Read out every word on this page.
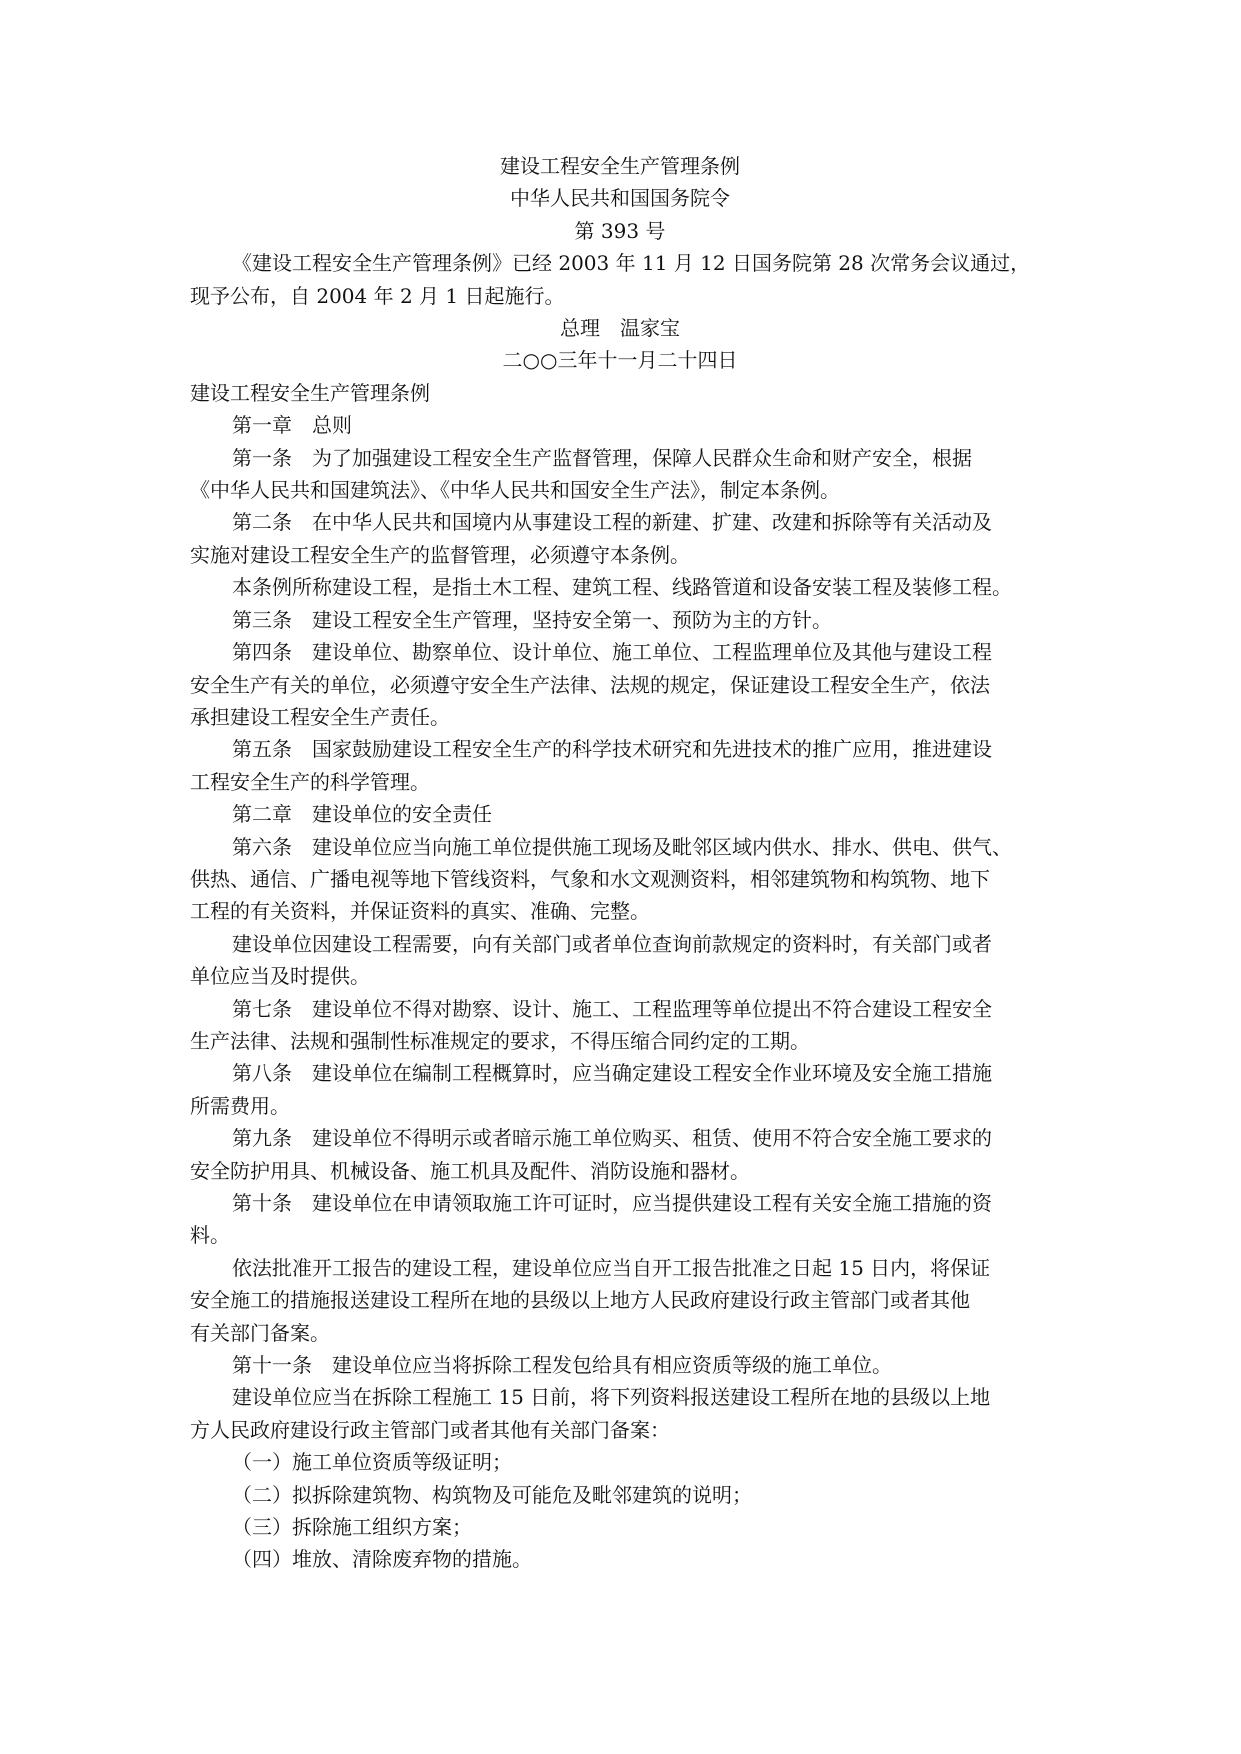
建设工程安全生产管理条例
中华人民共和国国务院令
第 393 号
《建设工程安全生产管理条例》已经 2003 年 11 月 12 日国务院第 28 次常务会议通过，
现予公布，自 2004 年 2 月 1 日起施行。
总理　温家宝
二○○三年十一月二十四日
建设工程安全生产管理条例
第一章　总则
第一条　为了加强建设工程安全生产监督管理，保障人民群众生命和财产安全，根据
《中华人民共和国建筑法》、《中华人民共和国安全生产法》，制定本条例。
第二条　在中华人民共和国境内从事建设工程的新建、扩建、改建和拆除等有关活动及
实施对建设工程安全生产的监督管理，必须遵守本条例。
本条例所称建设工程，是指土木工程、建筑工程、线路管道和设备安装工程及装修工程。
第三条　建设工程安全生产管理，坚持安全第一、预防为主的方针。
第四条　建设单位、勘察单位、设计单位、施工单位、工程监理单位及其他与建设工程
安全生产有关的单位，必须遵守安全生产法律、法规的规定，保证建设工程安全生产，依法
承担建设工程安全生产责任。
第五条　国家鼓励建设工程安全生产的科学技术研究和先进技术的推广应用，推进建设
工程安全生产的科学管理。
第二章　建设单位的安全责任
第六条　建设单位应当向施工单位提供施工现场及毗邻区域内供水、排水、供电、供气、
供热、通信、广播电视等地下管线资料，气象和水文观测资料，相邻建筑物和构筑物、地下
工程的有关资料，并保证资料的真实、准确、完整。
建设单位因建设工程需要，向有关部门或者单位查询前款规定的资料时，有关部门或者
单位应当及时提供。
第七条　建设单位不得对勘察、设计、施工、工程监理等单位提出不符合建设工程安全
生产法律、法规和强制性标准规定的要求，不得压缩合同约定的工期。
第八条　建设单位在编制工程概算时，应当确定建设工程安全作业环境及安全施工措施
所需费用。
第九条　建设单位不得明示或者暗示施工单位购买、租赁、使用不符合安全施工要求的
安全防护用具、机械设备、施工机具及配件、消防设施和器材。
第十条　建设单位在申请领取施工许可证时，应当提供建设工程有关安全施工措施的资
料。
依法批准开工报告的建设工程，建设单位应当自开工报告批准之日起 15 日内，将保证
安全施工的措施报送建设工程所在地的县级以上地方人民政府建设行政主管部门或者其他
有关部门备案。
第十一条　建设单位应当将拆除工程发包给具有相应资质等级的施工单位。
建设单位应当在拆除工程施工 15 日前，将下列资料报送建设工程所在地的县级以上地
方人民政府建设行政主管部门或者其他有关部门备案：
（一）施工单位资质等级证明；
（二）拟拆除建筑物、构筑物及可能危及毗邻建筑的说明；
（三）拆除施工组织方案；
（四）堆放、清除废弃物的措施。
